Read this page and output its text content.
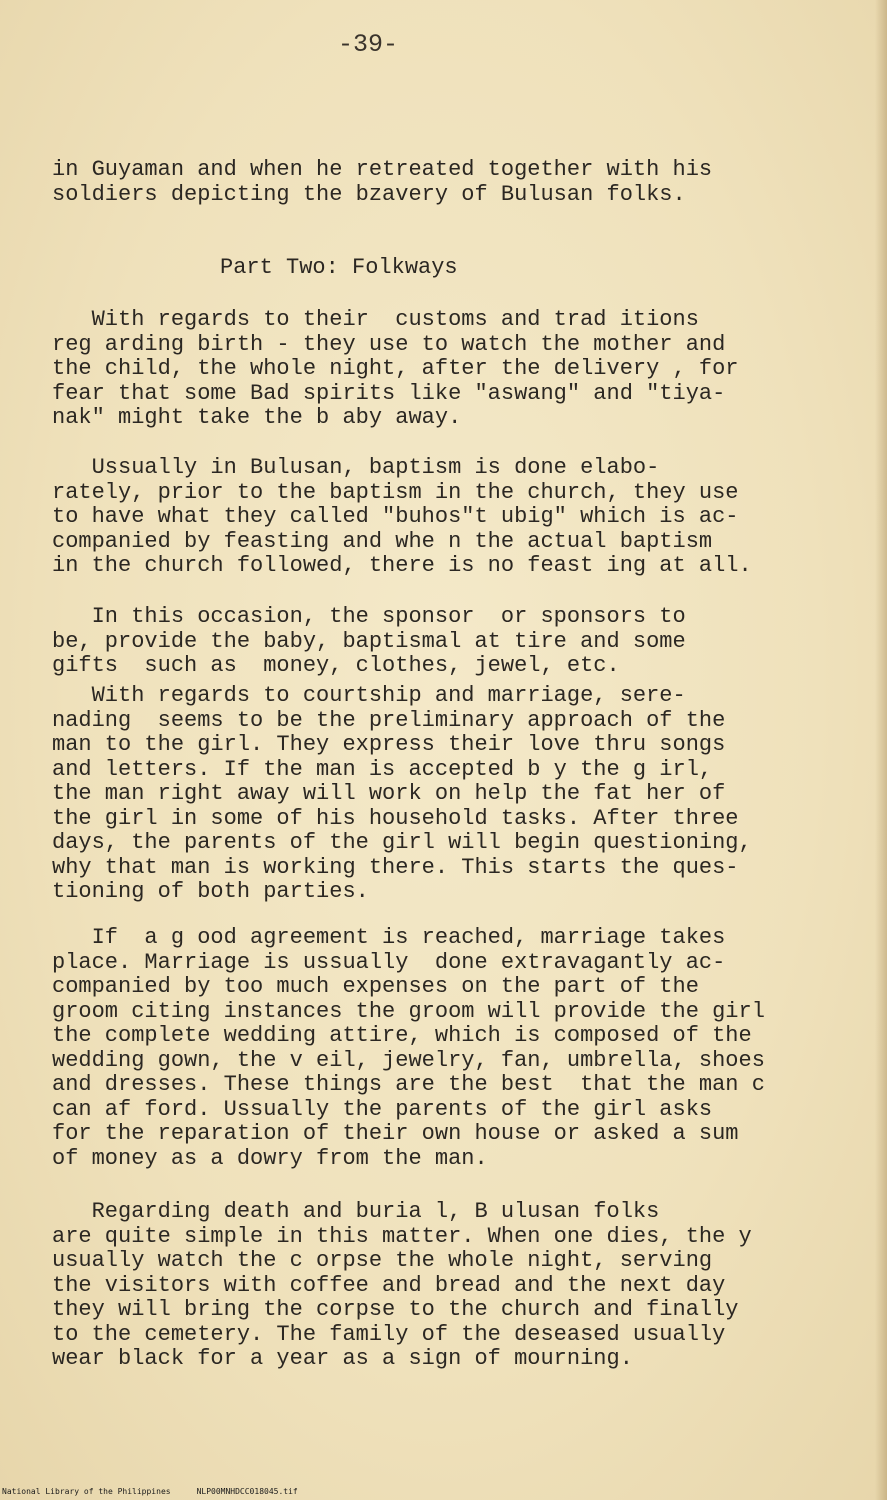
-39-
in Guyaman and when he retreated together with his
soldiers depicting the bzavery of Bulusan folks.
Part Two: Folkways
With regards to their  customs and trad itions
reg arding birth - they use to watch the mother and
the child, the whole night, after the delivery , for
fear that some Bad spirits like "aswang" and "tiya-
nak" might take the b aby away.
Ussually in Bulusan, baptism is done elabo-
rately, prior to the baptism in the church, they use
to have what they called "buhos"t ubig" which is ac-
companied by feasting and whe n the actual baptism
in the church followed, there is no feast ing at all.
In this occasion, the sponsor  or sponsors to
be, provide the baby, baptismal at tire and some
gifts  such as  money, clothes, jewel, etc.
With regards to courtship and marriage, sere-
nading  seems to be the preliminary approach of the
man to the girl. They express their love thru songs
and letters. If the man is accepted b y the g irl,
the man right away will work on help the fat her of
the girl in some of his household tasks. After three
days, the parents of the girl will begin questioning,
why that man is working there. This starts the ques-
tioning of both parties.
If  a g ood agreement is reached, marriage takes
place. Marriage is ussually  done extravagantly ac-
companied by too much expenses on the part of the
groom citing instances the groom will provide the girl
the complete wedding attire, which is composed of the
wedding gown, the v eil, jewelry, fan, umbrella, shoes
and dresses. These things are the best  that the man c
can af ford. Ussually the parents of the girl asks
for the reparation of their own house or asked a sum
of money as a dowry from the man.
Regarding death and buria l, B ulusan folks
are quite simple in this matter. When one dies, the y
usually watch the c orpse the whole night, serving
the visitors with coffee and bread and the next day
they will bring the corpse to the church and finally
to the cemetery. The family of the deseased usually
wear black for a year as a sign of mourning.
National Library of the Philippines	NLP00MNHDCC018045.tif
